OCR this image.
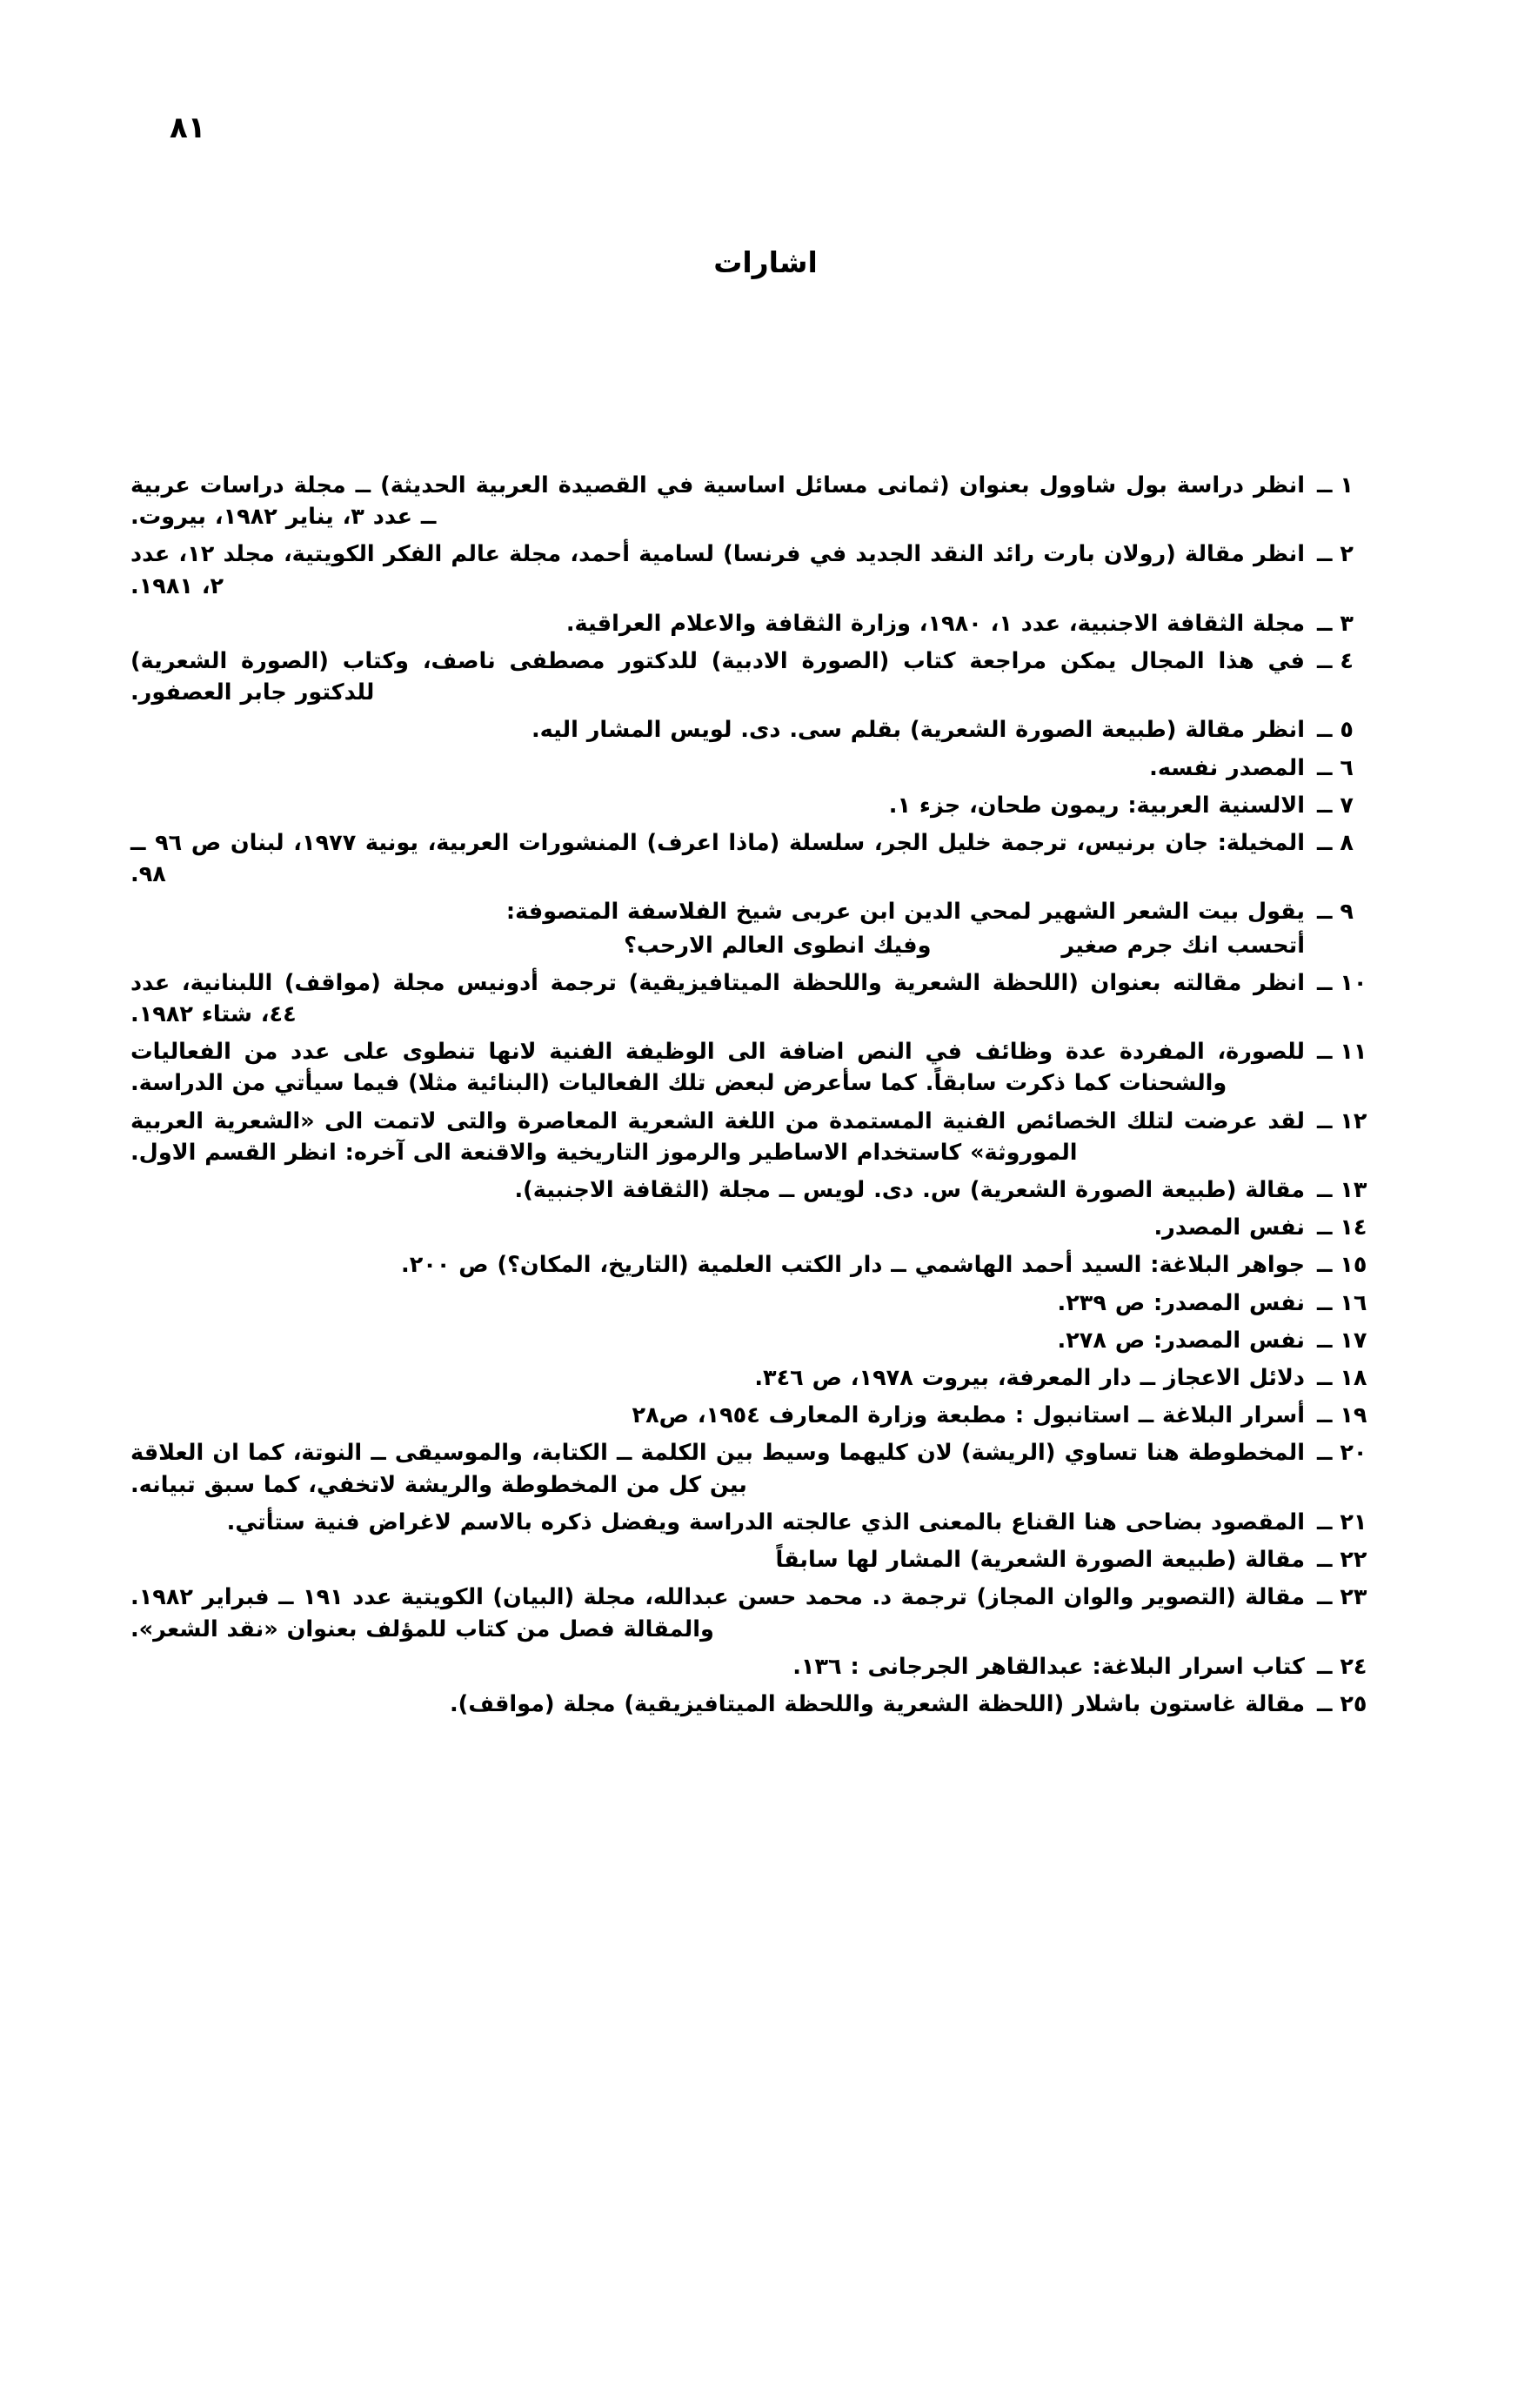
٨١
اشارات
١ ــ
انظر دراسة بول شاوول بعنوان (ثمانى مسائل اساسية في القصيدة العربية الحديثة) ــ مجلة دراسات عربية ــ عدد ٣، يناير ١٩٨٢، بيروت.
٢ ــ
انظر مقالة (رولان بارت رائد النقد الجديد في فرنسا) لسامية أحمد، مجلة عالم الفكر الكويتية، مجلد ١٢، عدد ٢، ١٩٨١.
٣ ــ
مجلة الثقافة الاجنبية، عدد ١، ١٩٨٠، وزارة الثقافة والاعلام العراقية.
٤ ــ
في هذا المجال يمكن مراجعة كتاب (الصورة الادبية) للدكتور مصطفى ناصف، وكتاب (الصورة الشعرية) للدكتور جابر العصفور.
٥ ــ
انظر مقالة (طبيعة الصورة الشعرية) بقلم سى. دى. لويس المشار اليه.
٦ ــ
المصدر نفسه.
٧ ــ
الالسنية العربية: ريمون طحان، جزء ١.
٨ ــ
المخيلة: جان برنيس، ترجمة خليل الجر، سلسلة (ماذا اعرف) المنشورات العربية، يونية ١٩٧٧، لبنان ص ٩٦ ــ ٩٨.
٩ ــ
يقول بيت الشعر الشهير لمحي الدين ابن عربى شيخ الفلاسفة المتصوفة:
أتحسب انك جرم صغير
وفيك انطوى العالم الارحب؟
١٠ ــ
انظر مقالته بعنوان (اللحظة الشعرية واللحظة الميتافيزيقية) ترجمة أدونيس مجلة (مواقف) اللبنانية، عدد ٤٤، شتاء ١٩٨٢.
١١ ــ
للصورة، المفردة عدة وظائف في النص اضافة الى الوظيفة الفنية لانها تنطوى على عدد من الفعاليات والشحنات كما ذكرت سابقاً. كما سأعرض لبعض تلك الفعاليات (البنائية مثلا) فيما سيأتي من الدراسة.
١٢ ــ
لقد عرضت لتلك الخصائص الفنية المستمدة من اللغة الشعرية المعاصرة والتى لاتمت الى «الشعرية العربية الموروثة» كاستخدام الاساطير والرموز التاريخية والاقنعة الى آخره: انظر القسم الاول.
١٣ ــ
مقالة (طبيعة الصورة الشعرية) س. دى. لويس ــ مجلة (الثقافة الاجنبية).
١٤ ــ
نفس المصدر.
١٥ ــ
جواهر البلاغة: السيد أحمد الهاشمي ــ دار الكتب العلمية (التاريخ، المكان؟) ص ٢٠٠.
١٦ ــ
نفس المصدر: ص ٢٣٩.
١٧ ــ
نفس المصدر: ص ٢٧٨.
١٨ ــ
دلائل الاعجاز ــ دار المعرفة، بيروت ١٩٧٨، ص ٣٤٦.
١٩ ــ
أسرار البلاغة ــ استانبول : مطبعة وزارة المعارف ١٩٥٤، ص٢٨
٢٠ ــ
المخطوطة هنا تساوي (الريشة) لان كليهما وسيط بين الكلمة ــ الكتابة، والموسيقى ــ النوتة، كما ان العلاقة بين كل من المخطوطة والريشة لاتخفي، كما سبق تبيانه.
٢١ ــ
المقصود بضاحى هنا القناع بالمعنى الذي عالجته الدراسة ويفضل ذكره بالاسم لاغراض فنية ستأتي.
٢٢ ــ
مقالة (طبيعة الصورة الشعرية) المشار لها سابقاً
٢٣ ــ
مقالة (التصوير والوان المجاز) ترجمة د. محمد حسن عبدالله، مجلة (البيان) الكويتية عدد ١٩١ ــ فبراير ١٩٨٢. والمقالة فصل من كتاب للمؤلف بعنوان «نقد الشعر».
٢٤ ــ
كتاب اسرار البلاغة: عبدالقاهر الجرجانى : ١٣٦.
٢٥ ــ
مقالة غاستون باشلار (اللحظة الشعرية واللحظة الميتافيزيقية) مجلة (مواقف).
